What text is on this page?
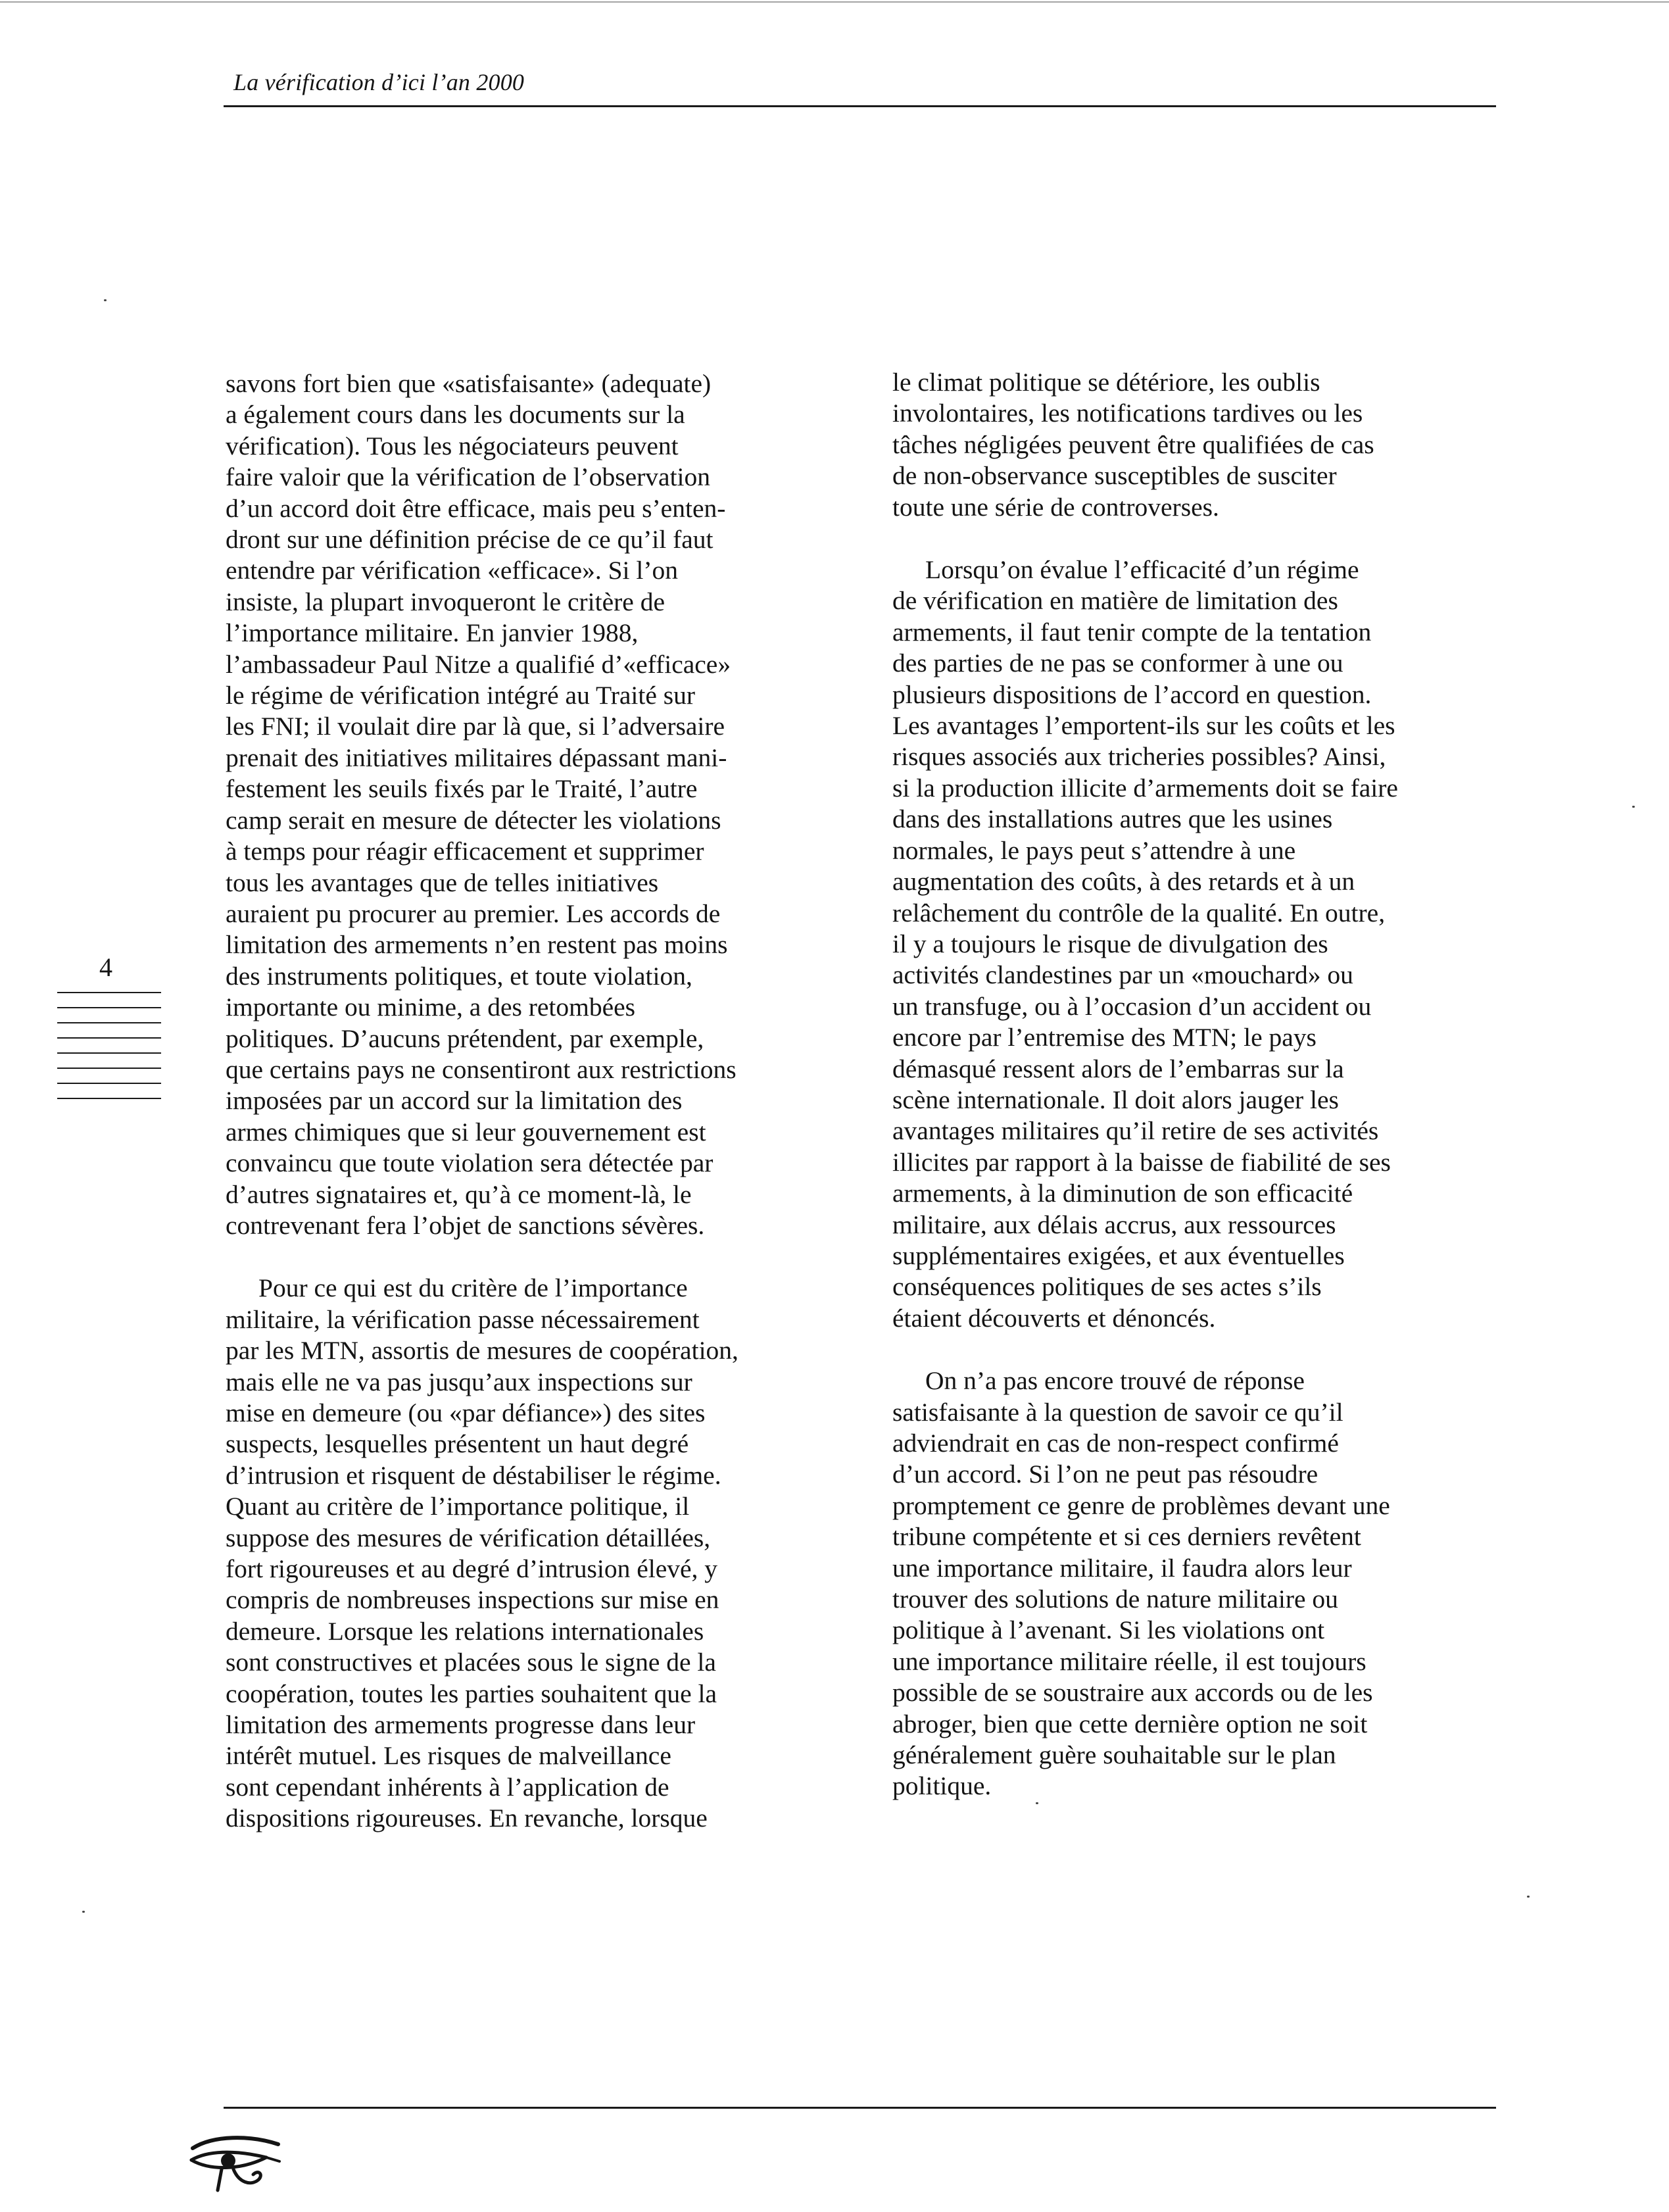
La vérification d’ici l’an 2000
4

savons fort bien que «satisfaisante» (adequate)
a également cours dans les documents sur la
vérification). Tous les négociateurs peuvent
faire valoir que la vérification de l’observation
d’un accord doit être efficace, mais peu s’enten-
dront sur une définition précise de ce qu’il faut
entendre par vérification «efficace». Si l’on
insiste, la plupart invoqueront le critère de
l’importance militaire. En janvier 1988,
l’ambassadeur Paul Nitze a qualifié d’«efficace»
le régime de vérification intégré au Traité sur
les FNI; il voulait dire par là que, si l’adversaire
prenait des initiatives militaires dépassant mani-
festement les seuils fixés par le Traité, l’autre
camp serait en mesure de détecter les violations
à temps pour réagir efficacement et supprimer
tous les avantages que de telles initiatives
auraient pu procurer au premier. Les accords de
limitation des armements n’en restent pas moins
des instruments politiques, et toute violation,
importante ou minime, a des retombées
politiques. D’aucuns prétendent, par exemple,
que certains pays ne consentiront aux restrictions
imposées par un accord sur la limitation des
armes chimiques que si leur gouvernement est
convaincu que toute violation sera détectée par
d’autres signataires et, qu’à ce moment-là, le
contrevenant fera l’objet de sanctions sévères.

Pour ce qui est du critère de l’importance
militaire, la vérification passe nécessairement
par les MTN, assortis de mesures de coopération,
mais elle ne va pas jusqu’aux inspections sur
mise en demeure (ou «par défiance») des sites
suspects, lesquelles présentent un haut degré
d’intrusion et risquent de déstabiliser le régime.
Quant au critère de l’importance politique, il
suppose des mesures de vérification détaillées,
fort rigoureuses et au degré d’intrusion élevé, y
compris de nombreuses inspections sur mise en
demeure. Lorsque les relations internationales
sont constructives et placées sous le signe de la
coopération, toutes les parties souhaitent que la
limitation des armements progresse dans leur
intérêt mutuel. Les risques de malveillance
sont cependant inhérents à l’application de
dispositions rigoureuses. En revanche, lorsque

le climat politique se détériore, les oublis
involontaires, les notifications tardives ou les
tâches négligées peuvent être qualifiées de cas
de non-observance susceptibles de susciter
toute une série de controverses.

Lorsqu’on évalue l’efficacité d’un régime
de vérification en matière de limitation des
armements, il faut tenir compte de la tentation
des parties de ne pas se conformer à une ou
plusieurs dispositions de l’accord en question.
Les avantages l’emportent-ils sur les coûts et les
risques associés aux tricheries possibles? Ainsi,
si la production illicite d’armements doit se faire
dans des installations autres que les usines
normales, le pays peut s’attendre à une
augmentation des coûts, à des retards et à un
relâchement du contrôle de la qualité. En outre,
il y a toujours le risque de divulgation des
activités clandestines par un «mouchard» ou
un transfuge, ou à l’occasion d’un accident ou
encore par l’entremise des MTN; le pays
démasqué ressent alors de l’embarras sur la
scène internationale. Il doit alors jauger les
avantages militaires qu’il retire de ses activités
illicites par rapport à la baisse de fiabilité de ses
armements, à la diminution de son efficacité
militaire, aux délais accrus, aux ressources
supplémentaires exigées, et aux éventuelles
conséquences politiques de ses actes s’ils
étaient découverts et dénoncés.

On n’a pas encore trouvé de réponse
satisfaisante à la question de savoir ce qu’il
adviendrait en cas de non-respect confirmé
d’un accord. Si l’on ne peut pas résoudre
promptement ce genre de problèmes devant une
tribune compétente et si ces derniers revêtent
une importance militaire, il faudra alors leur
trouver des solutions de nature militaire ou
politique à l’avenant. Si les violations ont
une importance militaire réelle, il est toujours
possible de se soustraire aux accords ou de les
abroger, bien que cette dernière option ne soit
généralement guère souhaitable sur le plan
politique.
